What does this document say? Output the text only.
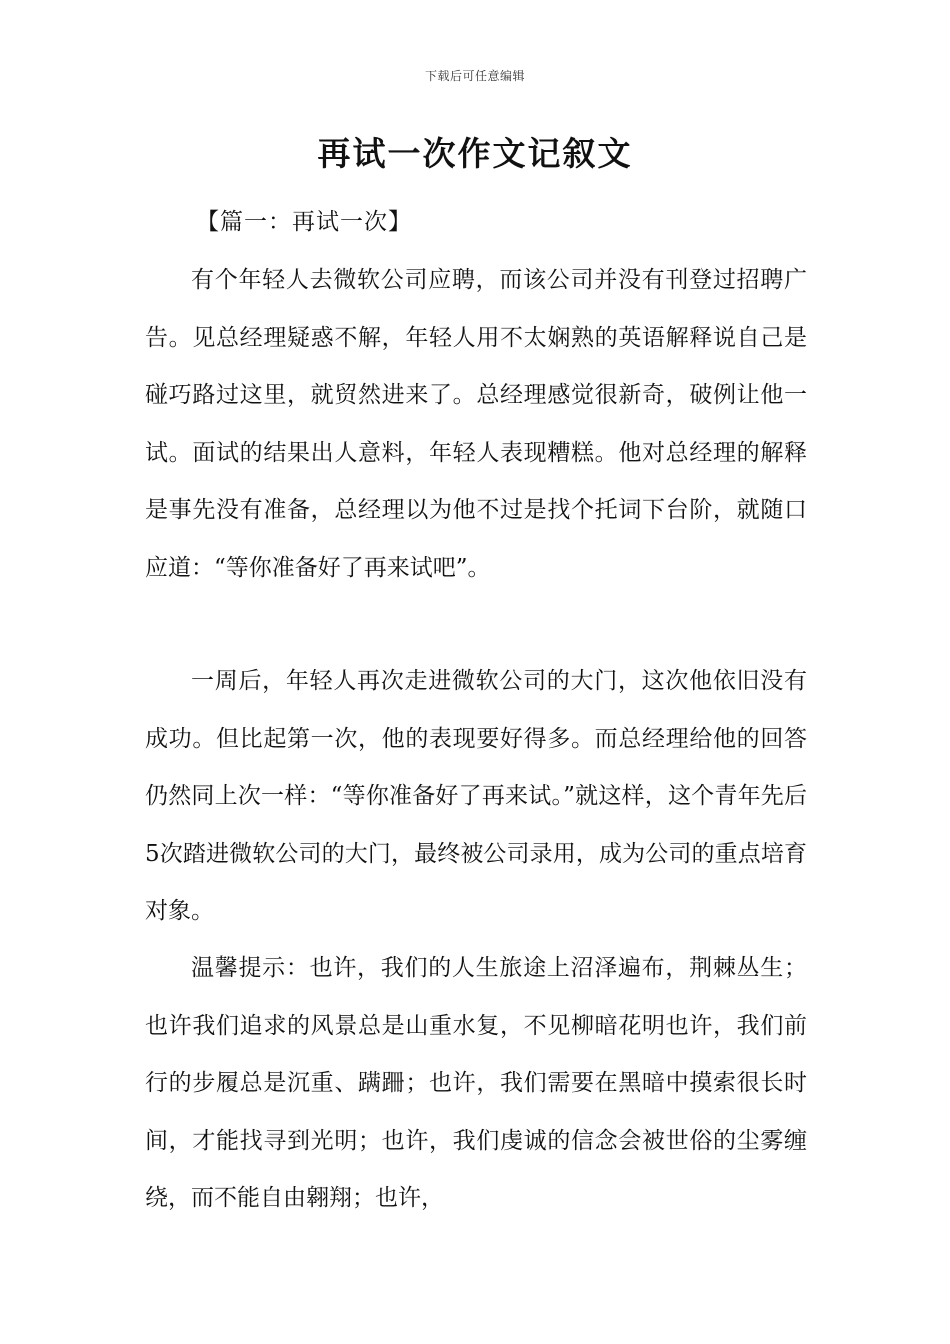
下载后可任意编辑
再试一次作文记叙文
【篇一：再试一次】

有个年轻人去微软公司应聘，而该公司并没有刊登过招聘广告。见总经理疑惑不解，年轻人用不太娴熟的英语解释说自己是碰巧路过这里，就贸然进来了。总经理感觉很新奇，破例让他一试。面试的结果出人意料，年轻人表现糟糕。他对总经理的解释是事先没有准备，总经理以为他不过是找个托词下台阶，就随口应道：“等你准备好了再来试吧”。

一周后，年轻人再次走进微软公司的大门，这次他依旧没有成功。但比起第一次，他的表现要好得多。而总经理给他的回答仍然同上次一样：“等你准备好了再来试。”就这样，这个青年先后5次踏进微软公司的大门，最终被公司录用，成为公司的重点培育对象。

温馨提示：也许，我们的人生旅途上沼泽遍布，荆棘丛生；也许我们追求的风景总是山重水复，不见柳暗花明也许，我们前行的步履总是沉重、蹒跚；也许，我们需要在黑暗中摸索很长时间，才能找寻到光明；也许，我们虔诚的信念会被世俗的尘雾缠绕，而不能自由翱翔；也许，
